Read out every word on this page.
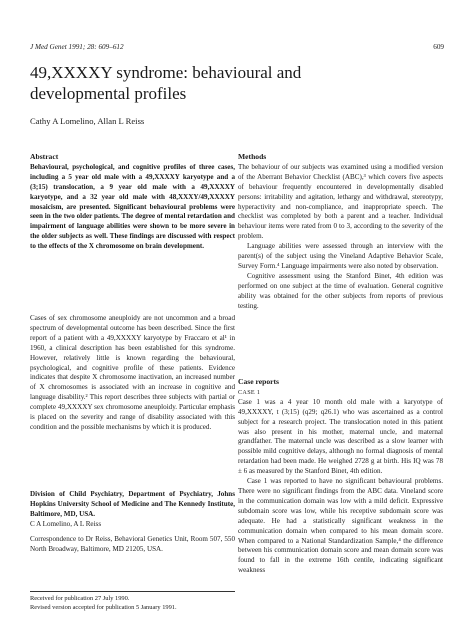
J Med Genet 1991; 28: 609–612	609
49,XXXXY syndrome: behavioural and
developmental profiles
Cathy A Lomelino, Allan L Reiss

Abstract

Behavioural, psychological, and cognitive profiles of three cases, including a 5 year old male with a 49,XXXXY karyotype and a (3;15) translocation, a 9 year old male with a 49,XXXXY karyotype, and a 32 year old male with 48,XXXY/49,XXXXY mosaicism, are presented. Significant behavioural problems were seen in the two older patients. The degree of mental retardation and impairment of language abilities were shown to be more severe in the older subjects as well. These findings are discussed with respect to the effects of the X chromosome on brain development.

Cases of sex chromosome aneuploidy are not uncommon and a broad spectrum of developmental outcome has been described. Since the first report of a patient with a 49,XXXXY karyotype by Fraccaro et al¹ in 1960, a clinical description has been established for this syndrome. However, relatively little is known regarding the behavioural, psychological, and cognitive profile of these patients. Evidence indicates that despite X chromosome inactivation, an increased number of X chromosomes is associated with an increase in cognitive and language disability.² This report describes three subjects with partial or complete 49,XXXXY sex chromosome aneuploidy. Particular emphasis is placed on the severity and range of disability associated with this condition and the possible mechanisms by which it is produced.

Division of Child Psychiatry, Department of Psychiatry, Johns Hopkins University School of Medicine and The Kennedy Institute, Baltimore, MD, USA.

C A Lomelino, A L Reiss

Correspondence to Dr Reiss, Behavioral Genetics Unit, Room 507, 550 North Broadway, Baltimore, MD 21205, USA.

Received for publication 27 July 1990.

Revised version accepted for publication 5 January 1991.

Methods

The behaviour of our subjects was examined using a modified version of the Aberrant Behavior Checklist (ABC),³ which covers five aspects of behaviour frequently encountered in developmentally disabled persons: irritability and agitation, lethargy and withdrawal, stereotypy, hyperactivity and non-compliance, and inappropriate speech. The checklist was completed by both a parent and a teacher. Individual behaviour items were rated from 0 to 3, according to the severity of the problem.

Language abilities were assessed through an interview with the parent(s) of the subject using the Vineland Adaptive Behavior Scale, Survey Form.⁴ Language impairments were also noted by observation.

Cognitive assessment using the Stanford Binet, 4th edition was performed on one subject at the time of evaluation. General cognitive ability was obtained for the other subjects from reports of previous testing.

Case reports

CASE 1

Case 1 was a 4 year 10 month old male with a karyotype of 49,XXXXY, t (3;15) (q29; q26.1) who was ascertained as a control subject for a research project. The translocation noted in this patient was also present in his mother, maternal uncle, and maternal grandfather. The maternal uncle was described as a slow learner with possible mild cognitive delays, although no formal diagnosis of mental retardation had been made. He weighed 2728 g at birth. His IQ was 78 ± 6 as measured by the Stanford Binet, 4th edition.

Case 1 was reported to have no significant behavioural problems. There were no significant findings from the ABC data. Vineland score in the communication domain was low with a mild deficit. Expressive subdomain score was low, while his receptive subdomain score was adequate. He had a statistically significant weakness in the communication domain when compared to his mean domain score. When compared to a National Standardization Sample,⁴ the difference between his communication domain score and mean domain score was found to fall in the extreme 16th centile, indicating significant weakness
